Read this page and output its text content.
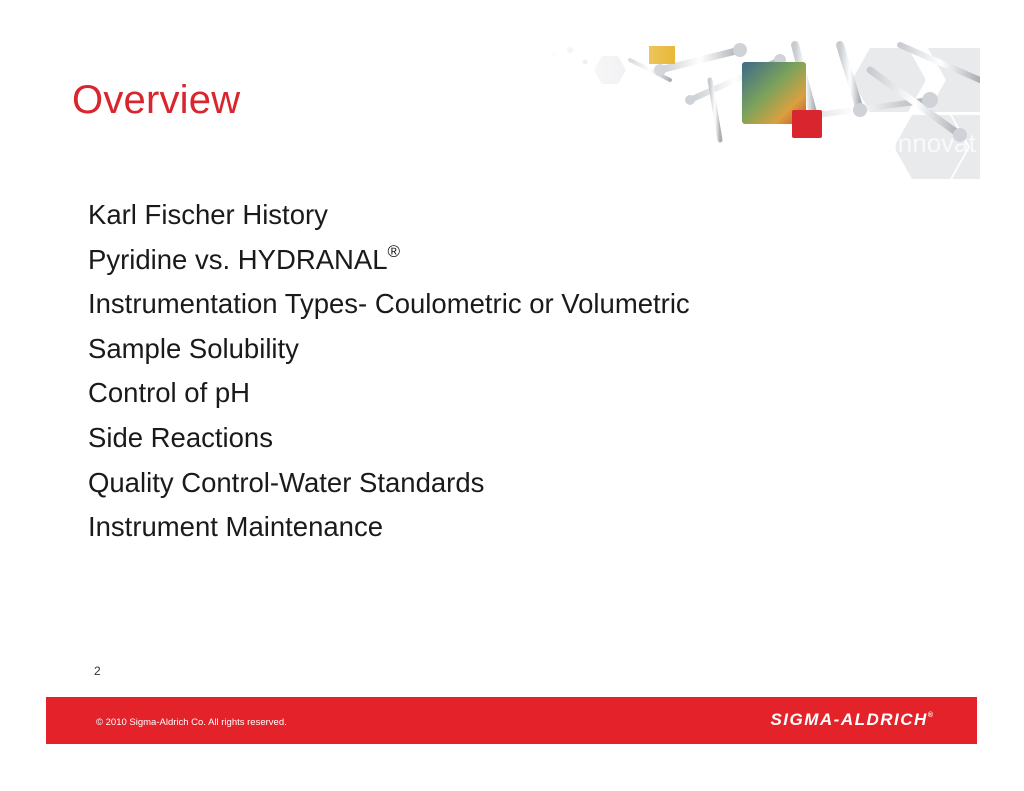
Overview
Karl Fischer History
Pyridine vs. HYDRANAL®
Instrumentation Types- Coulometric or Volumetric
Sample Solubility
Control of pH
Side Reactions
Quality Control-Water Standards
Instrument Maintenance
2
© 2010 Sigma-Aldrich Co. All rights reserved.	SIGMA-ALDRICH®
